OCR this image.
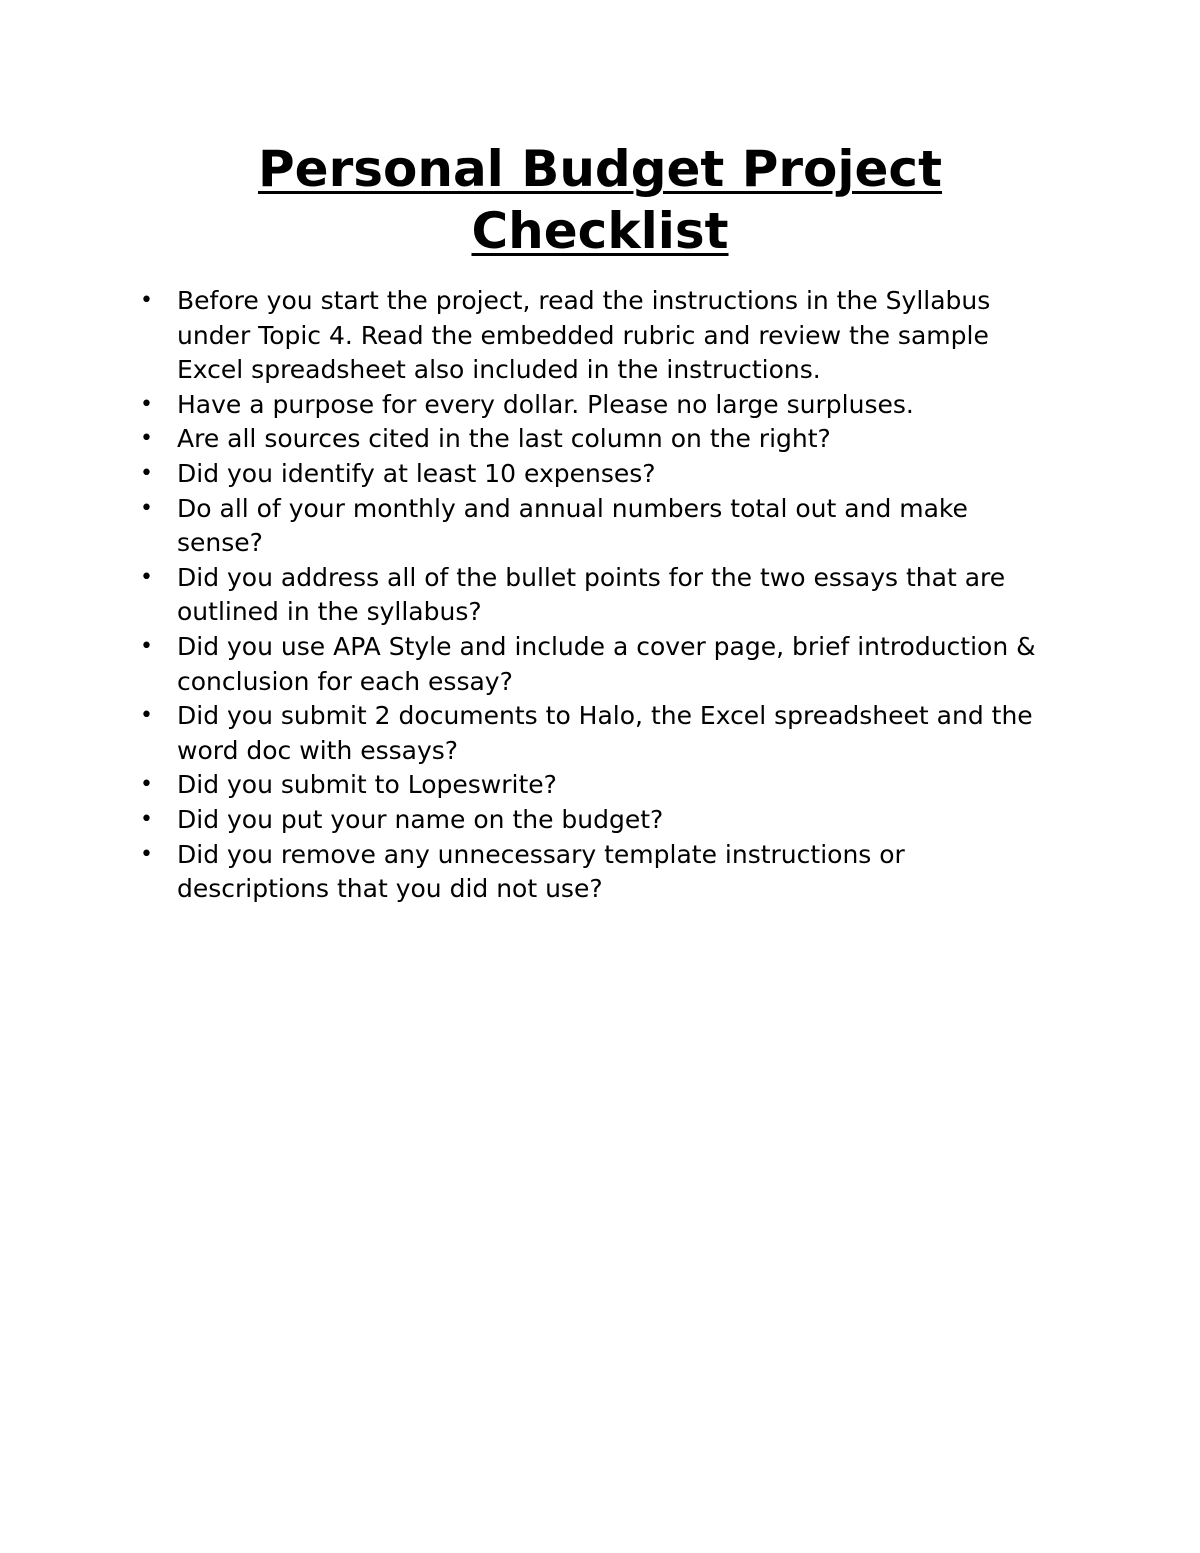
Personal Budget Project
Checklist
• Before you start the project, read the instructions in the Syllabus under Topic 4. Read the embedded rubric and review the sample Excel spreadsheet also included in the instructions.
• Have a purpose for every dollar. Please no large surpluses.
• Are all sources cited in the last column on the right?
• Did you identify at least 10 expenses?
• Do all of your monthly and annual numbers total out and make sense?
• Did you address all of the bullet points for the two essays that are outlined in the syllabus?
• Did you use APA Style and include a cover page, brief introduction & conclusion for each essay?
• Did you submit 2 documents to Halo, the Excel spreadsheet and the word doc with essays?
• Did you submit to Lopeswrite?
• Did you put your name on the budget?
• Did you remove any unnecessary template instructions or descriptions that you did not use?
